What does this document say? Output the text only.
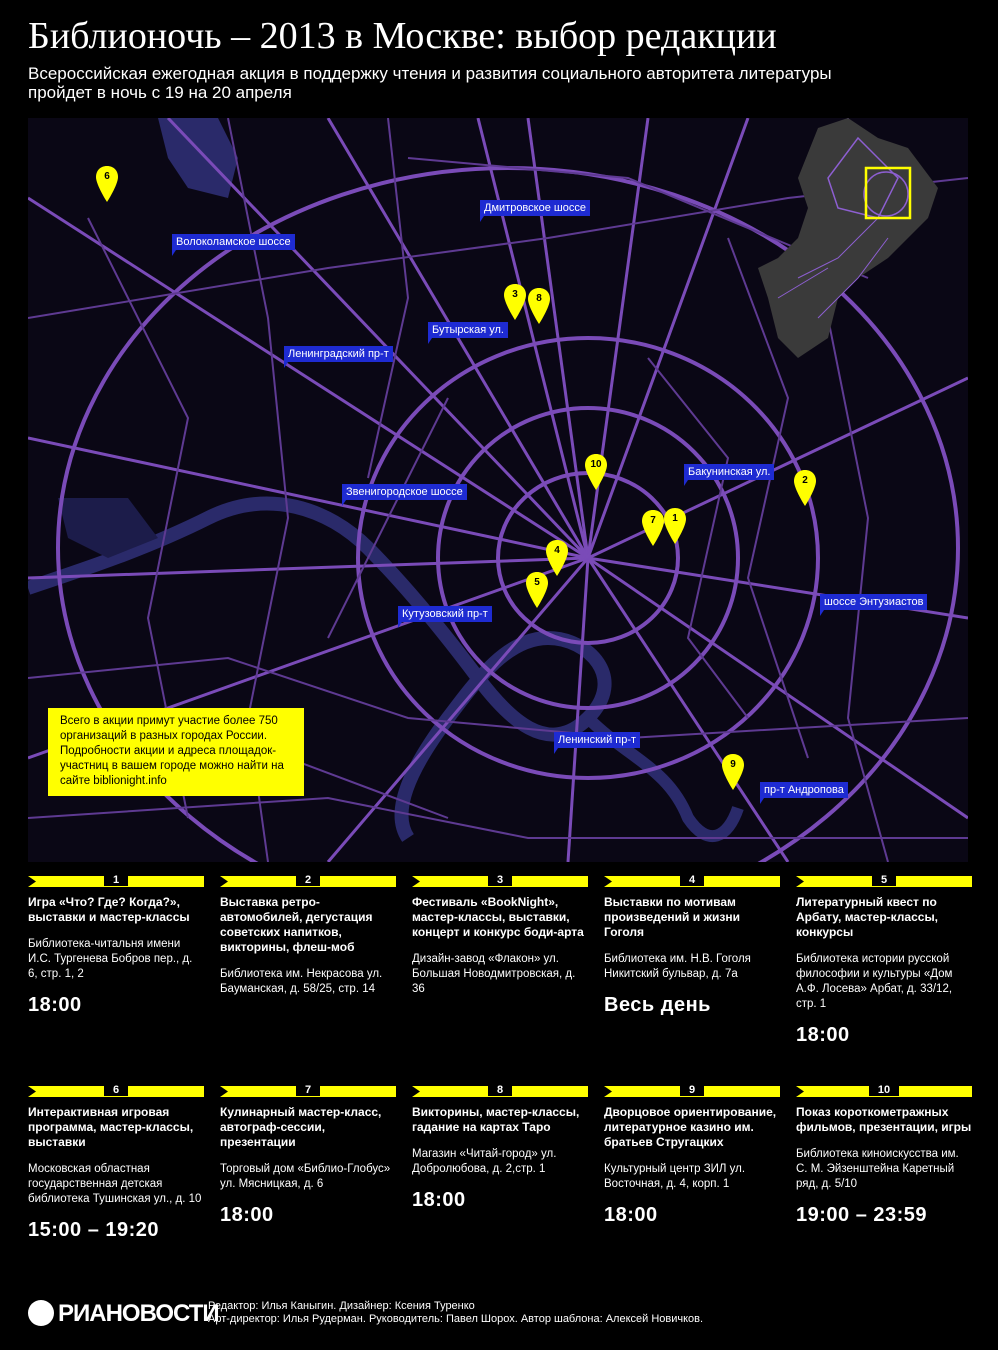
Библионочь – 2013 в Москве: выбор редакции
Всероссийская ежегодная акция в поддержку чтения и развития социального авторитета литературы пройдет в ночь с 19 на 20 апреля
Дмитровское шоссе
Волоколамское шоссе
Бутырская ул.
Ленинградский пр-т
Бакунинская ул.
Звенигородское шоссе
шоссе Энтузиастов
Кутузовский пр-т
Ленинский пр-т
пр-т Андропова
1
2
3
4
5
6
7
8
9
10
Всего в акции примут участие более 750 организаций в разных городах России. Подробности акции и адреса площадок-участниц в вашем городе можно найти на сайте biblionight.info
1
Игра «Что? Где? Когда?», выставки и мастер-классы
Библиотека-читальня имени И.С. Тургенева Бобров пер., д. 6, стр. 1, 2
18:00
2
Выставка ретро-автомобилей, дегустация советских напитков, викторины, флеш-моб
Библиотека им. Некрасова ул. Бауманская, д. 58/25, стр. 14
3
Фестиваль «BookNight», мастер-классы, выставки, концерт и конкурс боди-арта
Дизайн-завод «Флакон» ул. Большая Новодмитровская, д. 36
4
Выставки по мотивам произведений и жизни Гоголя
Библиотека им. Н.В. Гоголя Никитский бульвар, д. 7а
Весь день
5
Литературный квест по Арбату, мастер-классы, конкурсы
Библиотека истории русской философии и культуры «Дом А.Ф. Лосева» Арбат, д. 33/12, стр. 1
18:00
6
Интерактивная игровая программа, мастер-классы, выставки
Московская областная государственная детская библиотека Тушинская ул., д. 10
15:00 – 19:20
7
Кулинарный мастер-класс, автограф-сессии, презентации
Торговый дом «Библио-Глобус» ул. Мясницкая, д. 6
18:00
8
Викторины, мастер-классы, гадание на картах Таро
Магазин «Читай-город» ул. Добролюбова, д. 2,стр. 1
18:00
9
Дворцовое ориентирование, литературное казино им. братьев Стругацких
Культурный центр ЗИЛ ул. Восточная, д. 4, корп. 1
18:00
10
Показ короткометражных фильмов, презентации, игры
Библиотека киноискусства им. С. М. Эйзенштейна Каретный ряд, д. 5/10
19:00 – 23:59
РИАНОВОСТИ
Редактор: Илья Каныгин. Дизайнер: Ксения Туренко
Арт-директор: Илья Рудерман. Руководитель: Павел Шорох. Автор шаблона: Алексей Новичков.
